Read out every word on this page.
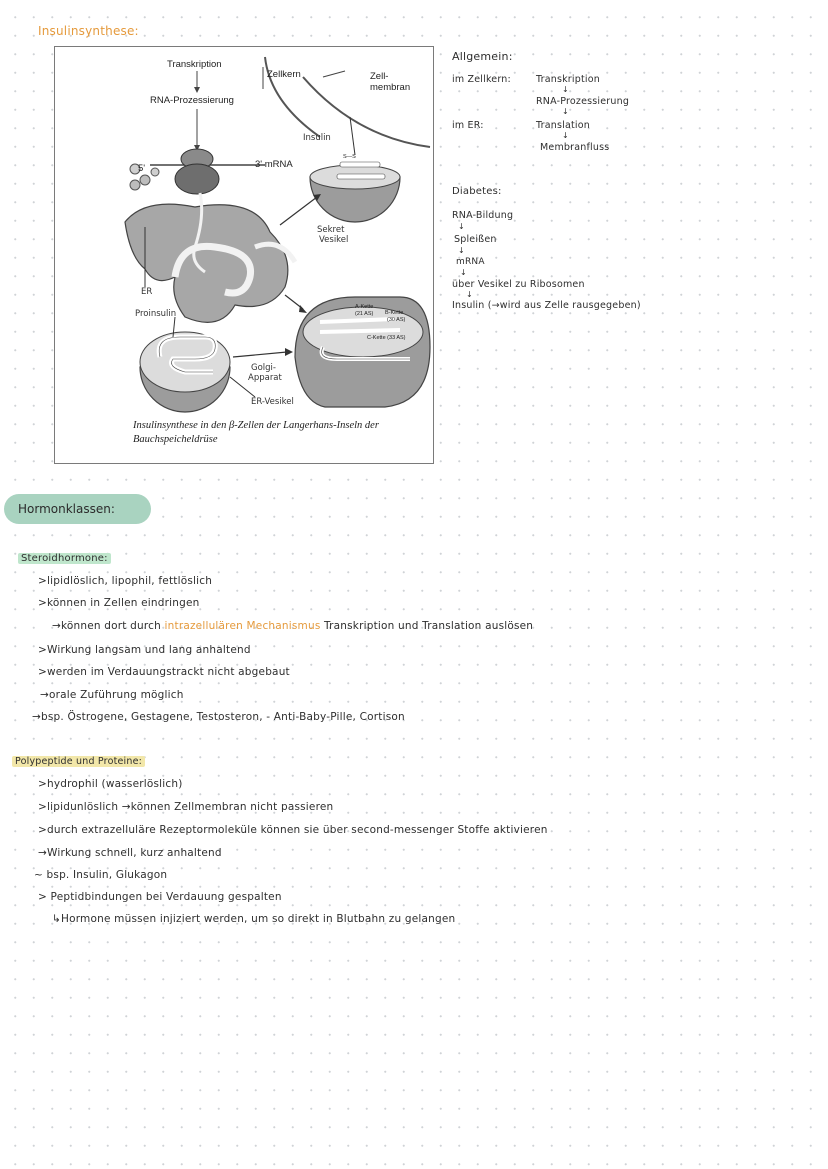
Insulinsynthese:
Transkription
RNA-Prozessierung
Zellkern	Zell-
membran
5'	3' mRNA
Insulin
Sekret
Vesikel
ER
Proinsulin
Golgi-
Apparat
ER-Vesikel
A-Kette
(21 AS) B-Kette
(30 AS)
C-Kette (33 AS)
S—S
Insulinsynthese in den β-Zellen der Langerhans-Inseln der Bauchspeicheldrüse
Allgemein:
im Zellkern:	Transkription
↓
RNA-Prozessierung
↓
im ER:	Translation
↓
Membranfluss
Diabetes:
RNA-Bildung
↓
Spleißen
↓
mRNA
↓
über Vesikel zu Ribosomen
↓
Insulin (→wird aus Zelle rausgegeben)
Hormonklassen:
Steroidhormone:
>lipidlöslich, lipophil, fettlöslich
>können in Zellen eindringen
→können dort durch intrazellulären Mechanismus Transkription und Translation auslösen
>Wirkung langsam und lang anhaltend
>werden im Verdauungstrackt nicht abgebaut
→orale Zuführung möglich
→bsp. Östrogene, Gestagene, Testosteron, - Anti-Baby-Pille, Cortison
Polypeptide und Proteine:
>hydrophil (wasserlöslich)
>lipidunlöslich →können Zellmembran nicht passieren
>durch extrazelluläre Rezeptormoleküle können sie über second-messenger Stoffe aktivieren
→Wirkung schnell, kurz anhaltend
~ bsp. Insulin, Glukagon
> Peptidbindungen bei Verdauung gespalten
↳Hormone müssen injiziert werden, um so direkt in Blutbahn zu gelangen
